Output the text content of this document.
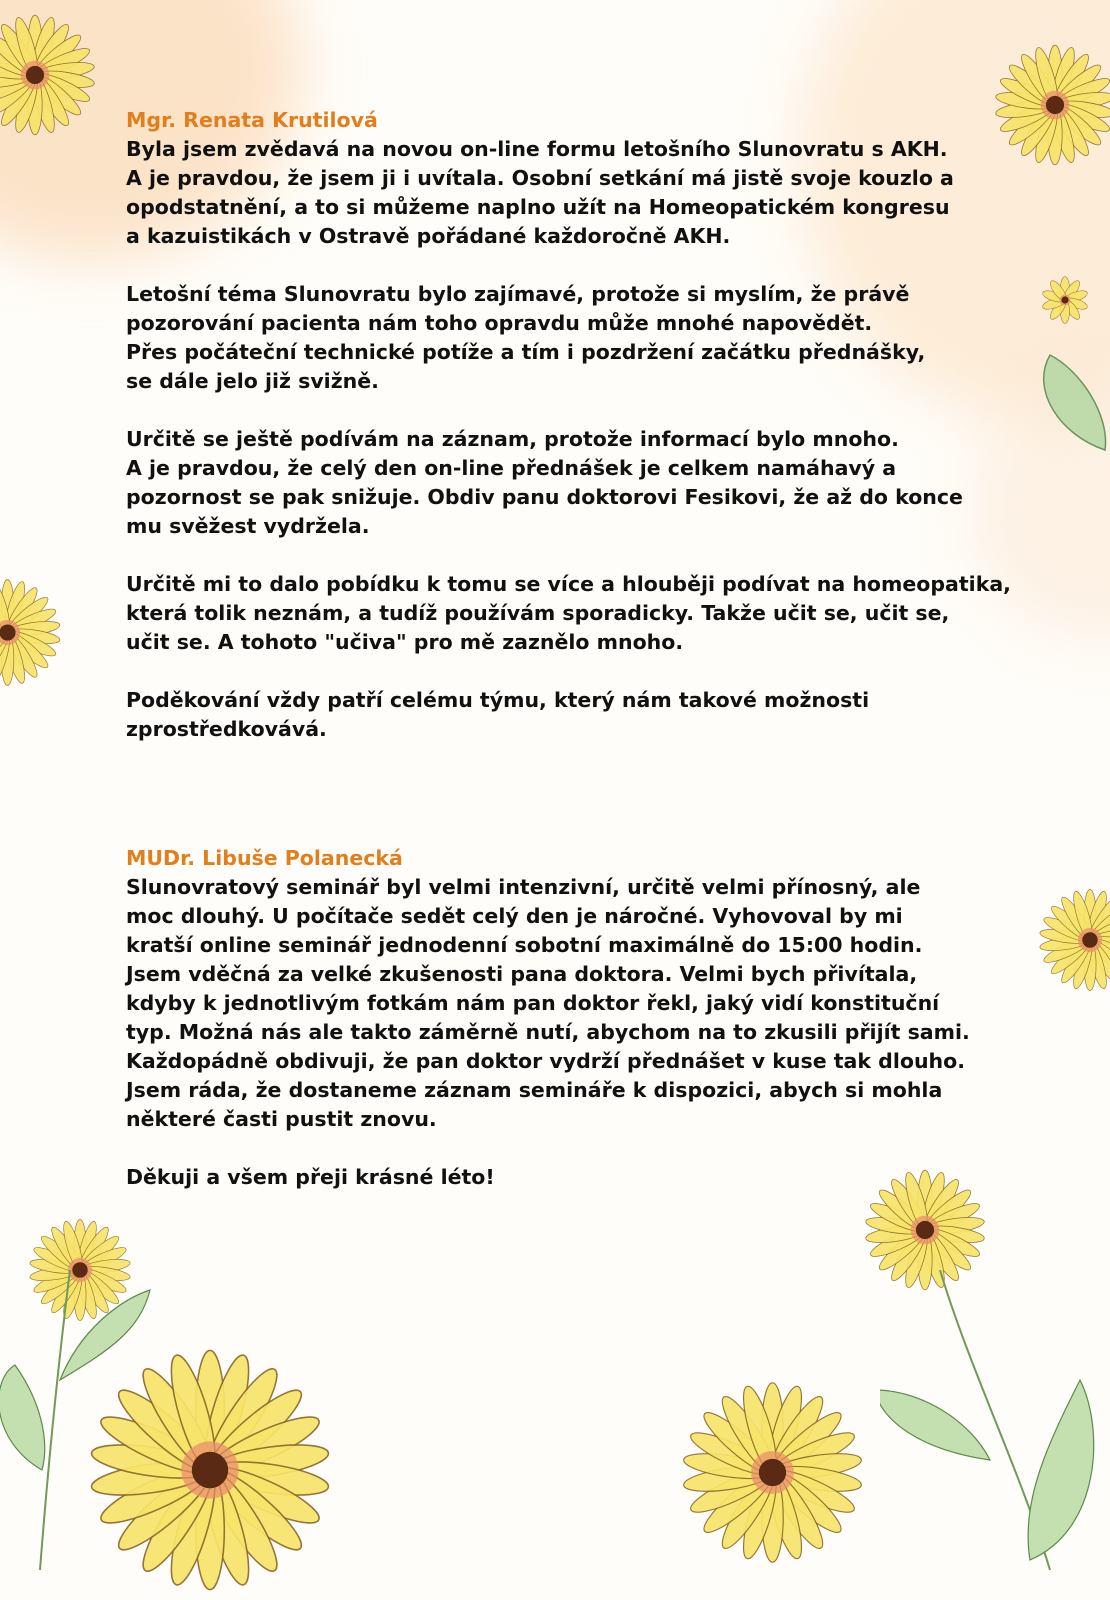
Mgr. Renata Krutilová

Byla jsem zvědavá na novou on-line formu letošního Slunovratu s AKH.
A je pravdou, že jsem ji i uvítala. Osobní setkání má jistě svoje kouzlo a
opodstatnění, a to si můžeme naplno užít na Homeopatickém kongresu
a kazuistikách v Ostravě pořádané každoročně AKH.

Letošní téma Slunovratu bylo zajímavé, protože si myslím, že právě
pozorování pacienta nám toho opravdu může mnohé napovědět.
Přes počáteční technické potíže a tím i pozdržení začátku přednášky,
se dále jelo již svižně.

Určitě se ještě podívám na záznam, protože informací bylo mnoho.
A je pravdou, že celý den on-line přednášek je celkem namáhavý a
pozornost se pak snižuje. Obdiv panu doktorovi Fesikovi, že až do konce
mu svěžest vydržela.

Určitě mi to dalo pobídku k tomu se více a hlouběji podívat na homeopatika,
která tolik neznám, a tudíž používám sporadicky. Takže učit se, učit se,
učit se. A tohoto "učiva" pro mě zaznělo mnoho.

Poděkování vždy patří celému týmu, který nám takové možnosti
zprostředkovává.

MUDr. Libuše Polanecká

Slunovratový seminář byl velmi intenzivní, určitě velmi přínosný, ale
moc dlouhý. U počítače sedět celý den je náročné. Vyhovoval by mi
kratší online seminář jednodenní sobotní maximálně do 15:00 hodin.
Jsem vděčná za velké zkušenosti pana doktora. Velmi bych přivítala,
kdyby k jednotlivým fotkám nám pan doktor řekl, jaký vidí konstituční
typ. Možná nás ale takto záměrně nutí, abychom na to zkusili přijít sami.
Každopádně obdivuji, že pan doktor vydrží přednášet v kuse tak dlouho.
Jsem ráda, že dostaneme záznam semináře k dispozici, abych si mohla
některé časti pustit znovu.

Děkuji a všem přeji krásné léto!
